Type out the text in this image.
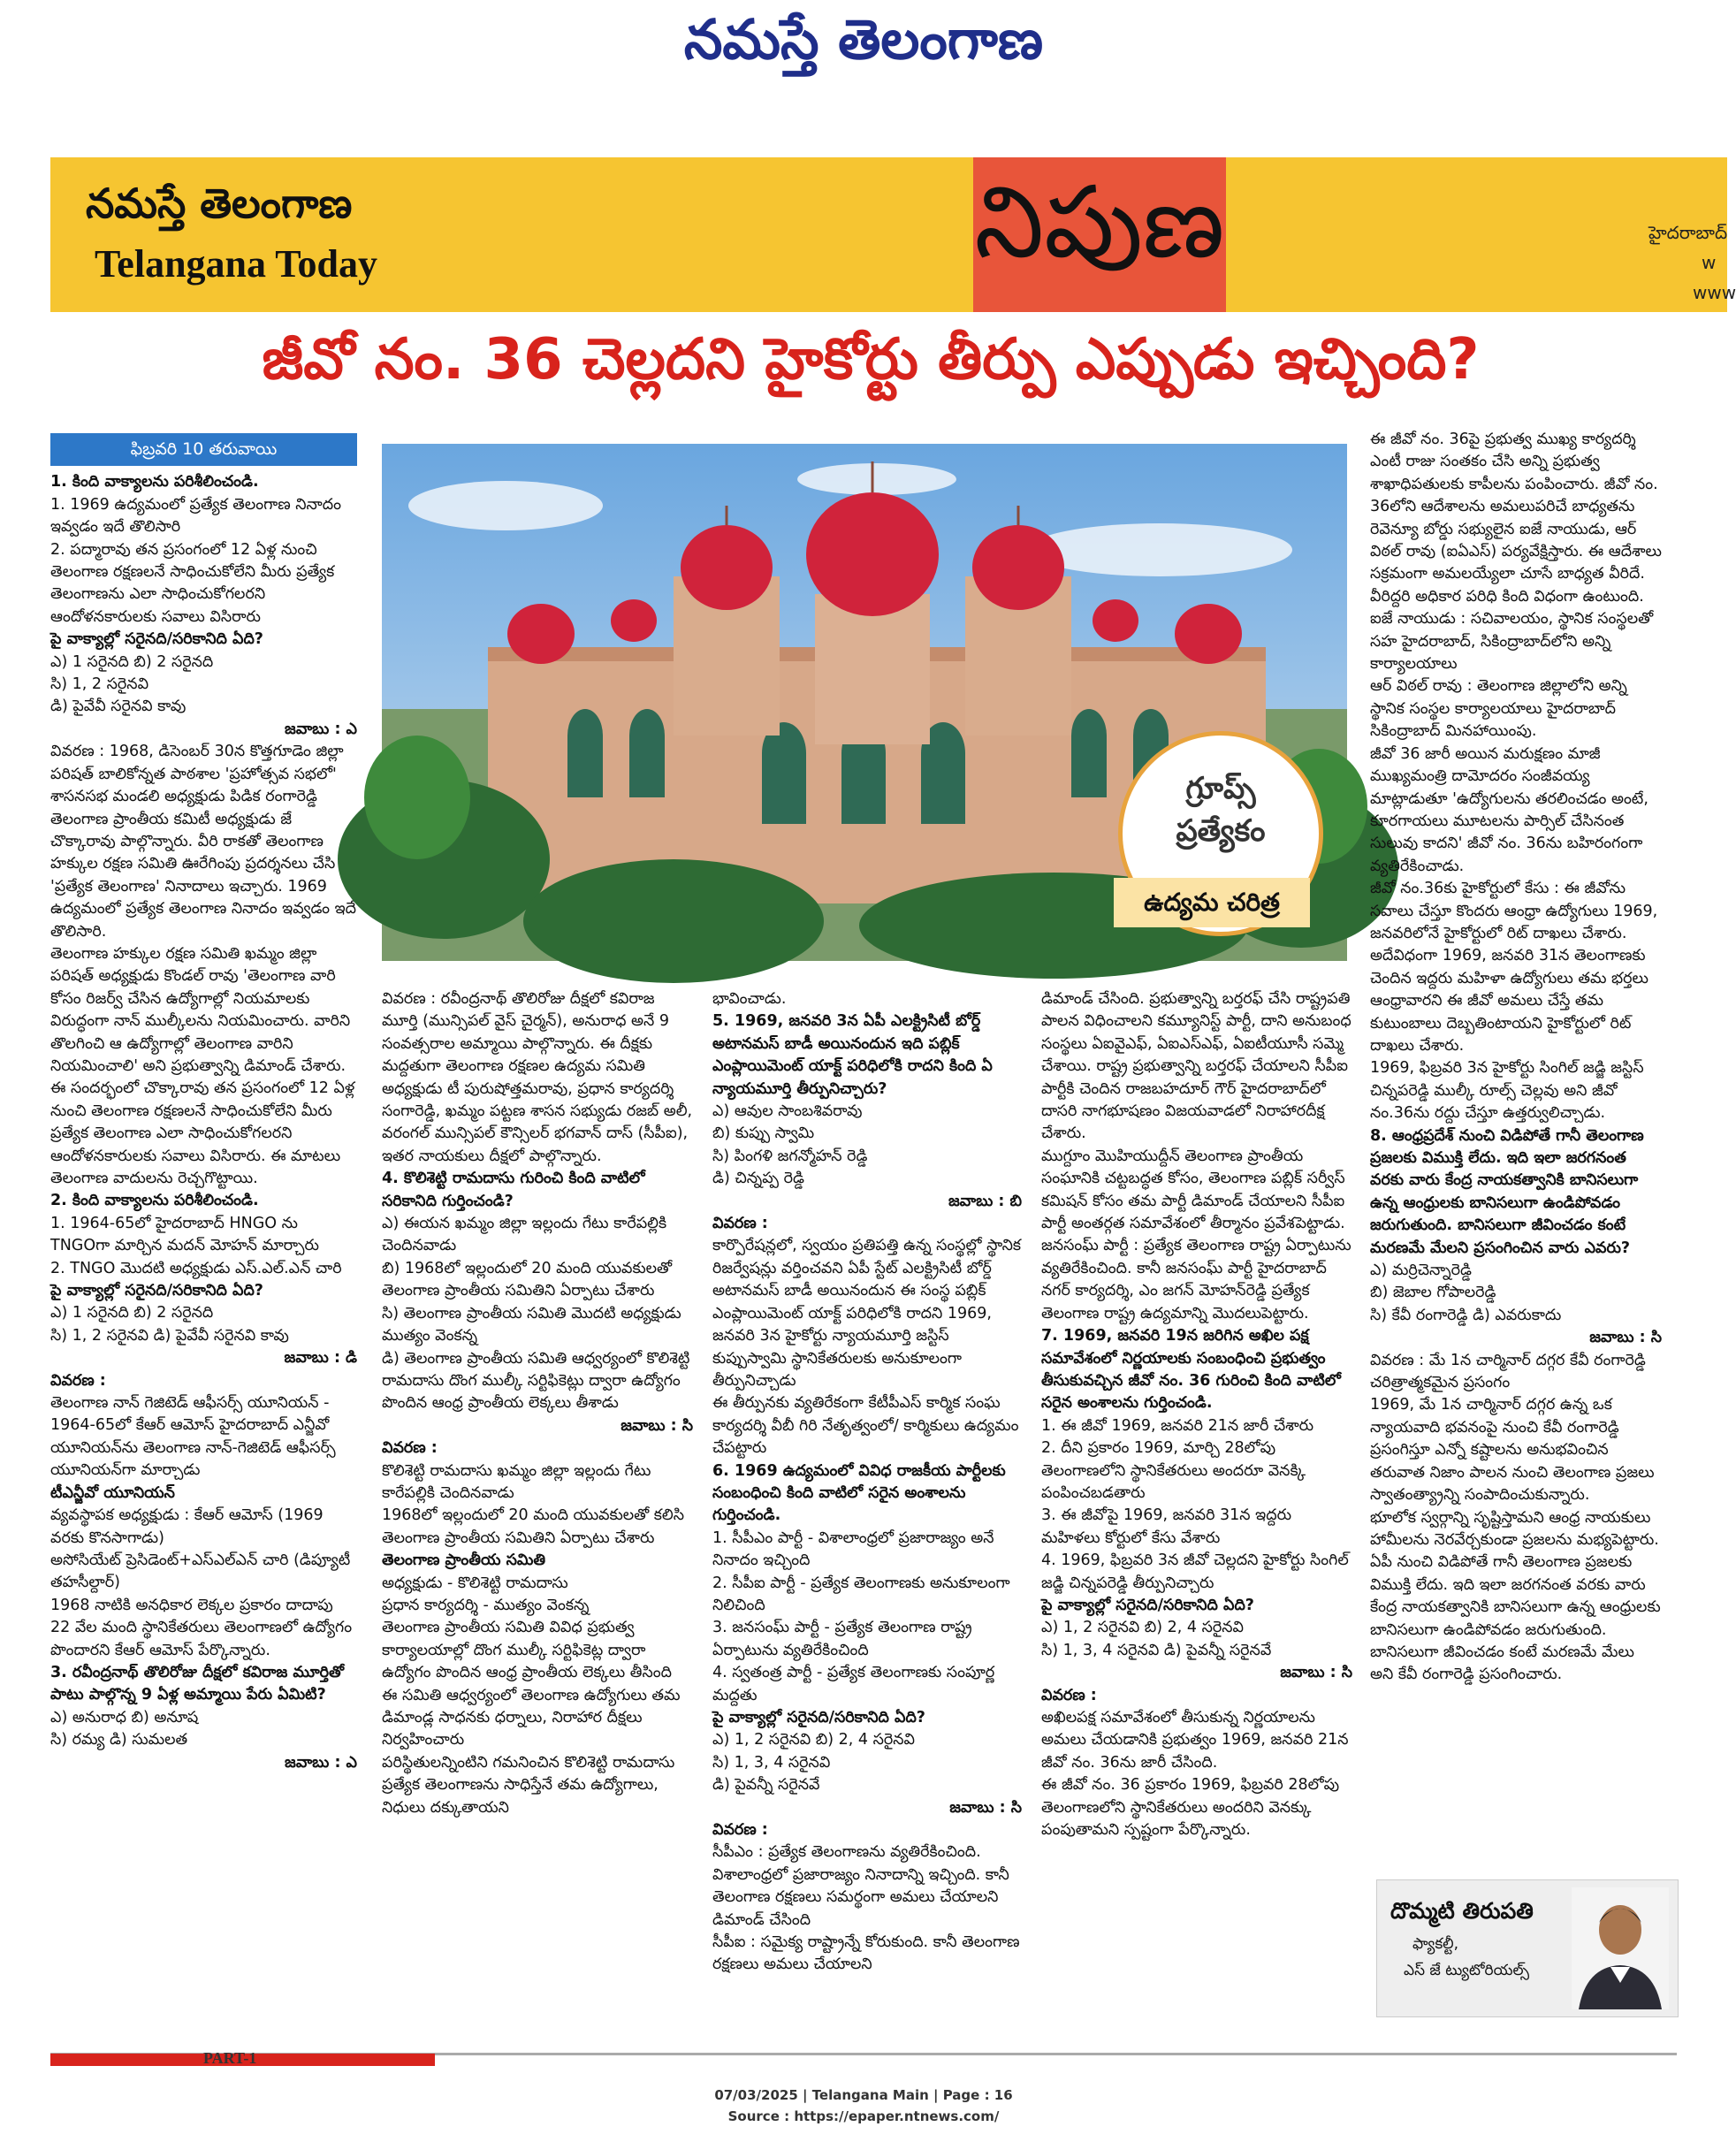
నమస్తే తెలంగాణ
నమస్తే తెలంగాణ
Telangana Today	నిపుణ	హైదరాబాద్
w
www
జీవో నం. 36 చెల్లదని హైకోర్టు తీర్పు ఎప్పుడు ఇచ్చింది?
ఫిబ్రవరి 10 తరువాయి

1. కింది వాక్యాలను పరిశీలించండి.

1. 1969 ఉద్యమంలో ప్రత్యేక తెలంగాణ నినాదం ఇవ్వడం ఇదే తొలిసారి

2. పద్మారావు తన ప్రసంగంలో 12 ఏళ్ల నుంచి తెలంగాణ రక్షణలనే సాధించుకోలేని మీరు ప్రత్యేక తెలంగాణను ఎలా సాధించుకోగలరని ఆందోళనకారులకు సవాలు విసిరారు

పై వాక్యాల్లో సరైనది/సరికానిది ఏది?

ఎ) 1 సరైనది బి) 2 సరైనది

సి) 1, 2 సరైనవి

డి) పైవేవీ సరైనవి కావు

జవాబు : ఎ

వివరణ : 1968, డిసెంబర్ 30న కొత్తగూడెం జిల్లా పరిషత్ బాలికోన్నత పాఠశాల 'ప్రహోత్సవ సభలో' శాసనసభ మండలి అధ్యక్షుడు పిడిక రంగారెడ్డి తెలంగాణ ప్రాంతీయ కమిటీ అధ్యక్షుడు జే చొక్కారావు పాల్గొన్నారు. వీరి రాకతో తెలంగాణ హక్కుల రక్షణ సమితి ఊరేగింపు ప్రదర్శనలు చేసి 'ప్రత్యేక తెలంగాణ' నినాదాలు ఇచ్చారు. 1969 ఉద్యమంలో ప్రత్యేక తెలంగాణ నినాదం ఇవ్వడం ఇదే తొలిసారి.

తెలంగాణ హక్కుల రక్షణ సమితి ఖమ్మం జిల్లా పరిషత్ అధ్యక్షుడు కొండల్ రావు 'తెలంగాణ వారి కోసం రిజర్వ్ చేసిన ఉద్యోగాల్లో నియమాలకు విరుద్ధంగా నాన్ ముల్కీలను నియమించారు. వారిని తొలగించి ఆ ఉద్యోగాల్లో తెలంగాణ వారిని నియమించాలి' అని ప్రభుత్వాన్ని డిమాండ్ చేశారు.

ఈ సందర్భంలో చొక్కారావు తన ప్రసంగంలో 12 ఏళ్ల నుంచి తెలంగాణ రక్షణలనే సాధించుకోలేని మీరు ప్రత్యేక తెలంగాణ ఎలా సాధించుకోగలరని ఆందోళనకారులకు సవాలు విసిరారు. ఈ మాటలు తెలంగాణ వాదులను రెచ్చగొట్టాయి.

2. కింది వాక్యాలను పరిశీలించండి.

1. 1964-65లో హైదరాబాద్ HNGO ను TNGOగా మార్చిన మదన్ మోహన్ మార్చారు

2. TNGO మొదటి అధ్యక్షుడు ఎస్.ఎల్.ఎన్ చారి

పై వాక్యాల్లో సరైనది/సరికానిది ఏది?

ఎ) 1 సరైనది బి) 2 సరైనది

సి) 1, 2 సరైనవి డి) పైవేవీ సరైనవి కావు

జవాబు : డి

వివరణ :

తెలంగాణ నాన్ గెజిటెడ్ ఆఫీసర్స్ యూనియన్ - 1964-65లో కేఆర్ ఆమోస్ హైదరాబాద్ ఎన్జీవో

యూనియన్‌ను తెలంగాణ నాన్-గెజిటెడ్ ఆఫీసర్స్ యూనియన్‌గా మార్చాడు

టీఎన్జీవో యూనియన్

వ్యవస్థాపక అధ్యక్షుడు : కేఆర్ ఆమోస్ (1969 వరకు కొనసాగాడు)

అసోసియేట్ ప్రెసిడెంట్+ఎస్‌ఎల్‌ఎన్ చారి (డిప్యూటీ తహసీల్దార్)

1968 నాటికి అనధికార లెక్కల ప్రకారం దాదాపు 22 వేల మంది స్థానికేతరులు తెలంగాణలో ఉద్యోగం పొందారని కేఆర్ ఆమోస్ పేర్కొన్నారు.

3. రవీంద్రనాథ్ తొలిరోజు దీక్షలో కవిరాజ మూర్తితో పాటు పాల్గొన్న 9 ఏళ్ల అమ్మాయి పేరు ఏమిటి?

ఎ) అనురాధ బి) అనూష

సి) రమ్య డి) సుమలత

జవాబు : ఎ

గ్రూప్స్
ప్రత్యేకం
ఉద్యమ చరిత్ర

వివరణ : రవీంద్రనాథ్ తొలిరోజు దీక్షలో కవిరాజ మూర్తి (మున్సిపల్ వైస్ చైర్మన్), అనురాధ అనే 9 సంవత్సరాల అమ్మాయి పాల్గొన్నారు. ఈ దీక్షకు మద్దతుగా తెలంగాణ రక్షణల ఉద్యమ సమితి అధ్యక్షుడు టీ పురుషోత్తమరావు, ప్రధాన కార్యదర్శి సంగారెడ్డి, ఖమ్మం పట్టణ శాసన సభ్యుడు రజబ్ అలీ, వరంగల్ మున్సిపల్ కౌన్సిలర్ భగవాన్ దాస్ (సీపీఐ), ఇతర నాయకులు దీక్షలో పాల్గొన్నారు.

4. కొలిశెట్టి రామదాసు గురించి కింది వాటిలో సరికానిది గుర్తించండి?

ఎ) ఈయన ఖమ్మం జిల్లా ఇల్లందు గేటు కారేపల్లికి చెందినవాడు

బి) 1968లో ఇల్లందులో 20 మంది యువకులతో తెలంగాణ ప్రాంతీయ సమితిని ఏర్పాటు చేశారు

సి) తెలంగాణ ప్రాంతీయ సమితి మొదటి అధ్యక్షుడు ముత్యం వెంకన్న

డి) తెలంగాణ ప్రాంతీయ సమితి ఆధ్వర్యంలో కొలిశెట్టి రామదాసు దొంగ ముల్కీ సర్టిఫికెట్లు ద్వారా ఉద్యోగం పొందిన ఆంధ్ర ప్రాంతీయ లెక్కలు తీశాడు

జవాబు : సి

వివరణ :

కొలిశెట్టి రామదాసు ఖమ్మం జిల్లా ఇల్లందు గేటు కారేపల్లికి చెందినవాడు

1968లో ఇల్లందులో 20 మంది యువకులతో కలిసి తెలంగాణ ప్రాంతీయ సమితిని ఏర్పాటు చేశారు

తెలంగాణ ప్రాంతీయ సమితి

అధ్యక్షుడు - కొలిశెట్టి రామదాసు

ప్రధాన కార్యదర్శి - ముత్యం వెంకన్న

తెలంగాణ ప్రాంతీయ సమితి వివిధ ప్రభుత్వ కార్యాలయాల్లో దొంగ ముల్కీ సర్టిఫికెట్ల ద్వారా ఉద్యోగం పొందిన ఆంధ్ర ప్రాంతీయ లెక్కలు తీసింది

ఈ సమితి ఆధ్వర్యంలో తెలంగాణ ఉద్యోగులు తమ డిమాండ్ల సాధనకు ధర్నాలు, నిరాహార దీక్షలు నిర్వహించారు

పరిస్థితులన్నింటిని గమనించిన కొలిశెట్టి రామదాసు ప్రత్యేక తెలంగాణను సాధిస్తేనే తమ ఉద్యోగాలు, నిధులు దక్కుతాయని

భావించాడు.

5. 1969, జనవరి 3న ఏపీ ఎలక్ట్రిసిటీ బోర్డ్ అటానమస్ బాడీ అయినందున ఇది పబ్లిక్ ఎంప్లాయిమెంట్ యాక్ట్ పరిధిలోకి రాదని కింది ఏ న్యాయమూర్తి తీర్పునిచ్చారు?

ఎ) ఆవుల సాంబశివరావు

బి) కుప్పు స్వామి

సి) పింగళి జగన్మోహన్ రెడ్డి

డి) చిన్నప్ప రెడ్డి

జవాబు : బి

వివరణ :

కార్పొరేషన్లలో, స్వయం ప్రతిపత్తి ఉన్న సంస్థల్లో స్థానిక రిజర్వేషన్లు వర్తించవని ఏపీ స్టేట్ ఎలక్ట్రిసిటీ బోర్డ్ అటానమస్ బాడీ అయినందున ఈ సంస్థ పబ్లిక్ ఎంప్లాయిమెంట్ యాక్ట్ పరిధిలోకి రాదని 1969, జనవరి 3న హైకోర్టు న్యాయమూర్తి జస్టిస్ కుప్పుస్వామి స్థానికేతరులకు అనుకూలంగా తీర్పునిచ్చాడు

ఈ తీర్పునకు వ్యతిరేకంగా కేటీపీఎస్ కార్మిక సంఘ కార్యదర్శి వీబీ గిరి నేతృత్వంలో/ కార్మికులు ఉద్యమం చేపట్టారు

6. 1969 ఉద్యమంలో వివిధ రాజకీయ పార్టీలకు సంబంధించి కింది వాటిలో సరైన అంశాలను గుర్తించండి.

1. సీపీఎం పార్టీ - విశాలాంధ్రలో ప్రజారాజ్యం అనే నినాదం ఇచ్చింది

2. సీపీఐ పార్టీ - ప్రత్యేక తెలంగాణకు అనుకూలంగా నిలిచింది

3. జనసంఘ్ పార్టీ - ప్రత్యేక తెలంగాణ రాష్ట్ర ఏర్పాటును వ్యతిరేకించింది

4. స్వతంత్ర పార్టీ - ప్రత్యేక తెలంగాణకు సంపూర్ణ మద్దతు

పై వాక్యాల్లో సరైనది/సరికానిది ఏది?

ఎ) 1, 2 సరైనవి బి) 2, 4 సరైనవి

సి) 1, 3, 4 సరైనవి

డి) పైవన్నీ సరైనవే

జవాబు : సి

వివరణ :

సీపీఎం : ప్రత్యేక తెలంగాణను వ్యతిరేకించింది. విశాలాంధ్రలో ప్రజారాజ్యం నినాదాన్ని ఇచ్చింది. కానీ తెలంగాణ రక్షణలు సమర్థంగా అమలు చేయాలని డిమాండ్ చేసింది

సీపీఐ : సమైక్య రాష్ట్రాన్నే కోరుకుంది. కానీ తెలంగాణ రక్షణలు అమలు చేయాలని

డిమాండ్ చేసింది. ప్రభుత్వాన్ని బర్తరఫ్ చేసి రాష్ట్రపతి పాలన విధించాలని కమ్యూనిస్ట్ పార్టీ, దాని అనుబంధ సంస్థలు ఏఐవైఎఫ్, ఏఐఎస్ఎఫ్, ఏఐటీయూసీ సమ్మె చేశాయి. రాష్ట్ర ప్రభుత్వాన్ని బర్తరఫ్ చేయాలని సీపీఐ పార్టీకి చెందిన రాజబహదూర్ గౌర్ హైదరాబాద్‌లో దాసరి నాగభూషణం విజయవాడలో నిరాహారదీక్ష చేశారు.

ముగ్దూం మొహియుద్దీన్ తెలంగాణ ప్రాంతీయ సంఘానికి చట్టబద్ధత కోసం, తెలంగాణ పబ్లిక్ సర్వీస్ కమిషన్ కోసం తమ పార్టీ డిమాండ్ చేయాలని సీపీఐ పార్టీ అంతర్గత సమావేశంలో తీర్మానం ప్రవేశపెట్టాడు.

జనసంఘ్ పార్టీ : ప్రత్యేక తెలంగాణ రాష్ట్ర ఏర్పాటును వ్యతిరేకించింది. కానీ జనసంఘ్ పార్టీ హైదరాబాద్ నగర్ కార్యదర్శి, ఎం జగన్ మోహన్‌రెడ్డి ప్రత్యేక తెలంగాణ రాష్ట్ర ఉద్యమాన్ని మొదలుపెట్టారు.

7. 1969, జనవరి 19న జరిగిన అఖిల పక్ష సమావేశంలో నిర్ణయాలకు సంబంధించి ప్రభుత్వం తీసుకువచ్చిన జీవో నం. 36 గురించి కింది వాటిలో సరైన అంశాలను గుర్తించండి.

1. ఈ జీవో 1969, జనవరి 21న జారీ చేశారు

2. దీని ప్రకారం 1969, మార్చి 28లోపు తెలంగాణలోని స్థానికేతరులు అందరూ వెనక్కి పంపించబడతారు

3. ఈ జీవోపై 1969, జనవరి 31న ఇద్దరు మహిళలు కోర్టులో కేసు వేశారు

4. 1969, ఫిబ్రవరి 3న జీవో చెల్లదని హైకోర్టు సింగిల్ జడ్జి చిన్నపరెడ్డి తీర్పునిచ్చారు

పై వాక్యాల్లో సరైనది/సరికానిది ఏది?

ఎ) 1, 2 సరైనవి బి) 2, 4 సరైనవి

సి) 1, 3, 4 సరైనవి డి) పైవన్నీ సరైనవే

జవాబు : సి

వివరణ :

అఖిలపక్ష సమావేశంలో తీసుకున్న నిర్ణయాలను అమలు చేయడానికి ప్రభుత్వం 1969, జనవరి 21న జీవో నం. 36ను జారీ చేసింది.

ఈ జీవో నం. 36 ప్రకారం 1969, ఫిబ్రవరి 28లోపు తెలంగాణలోని స్థానికేతరులు అందరిని వెనక్కు పంపుతామని స్పష్టంగా పేర్కొన్నారు.

ఈ జీవో నం. 36పై ప్రభుత్వ ముఖ్య కార్యదర్శి ఎంటీ రాజు సంతకం చేసి అన్ని ప్రభుత్వ శాఖాధిపతులకు కాపీలను పంపించారు. జీవో నం. 36లోని ఆదేశాలను అమలుపరిచే బాధ్యతను రెవెన్యూ బోర్డు సభ్యులైన ఐజే నాయుడు, ఆర్ విఠల్ రావు (ఐఏఎస్) పర్యవేక్షిస్తారు. ఈ ఆదేశాలు సక్రమంగా అమలయ్యేలా చూసే బాధ్యత వీరిదే. వీరిద్దరి అధికార పరిధి కింది విధంగా ఉంటుంది.

ఐజే నాయుడు : సచివాలయం, స్థానిక సంస్థలతో సహ హైదరాబాద్, సికింద్రాబాద్‌లోని అన్ని కార్యాలయాలు

ఆర్ విఠల్ రావు : తెలంగాణ జిల్లాలోని అన్ని స్థానిక సంస్థల కార్యాలయాలు హైదరాబాద్ సికింద్రాబాద్ మినహాయింపు.

జీవో 36 జారీ అయిన మరుక్షణం మాజీ ముఖ్యమంత్రి దామోదరం సంజీవయ్య మాట్లాడుతూ 'ఉద్యోగులను తరలించడం అంటే, కూరగాయలు మూటలను పార్సిల్ చేసినంత సులువు కాదని' జీవో నం. 36ను బహిరంగంగా వ్యతిరేకించాడు.

జీవో నం.36కు హైకోర్టులో కేసు : ఈ జీవోను సవాలు చేస్తూ కొందరు ఆంధ్రా ఉద్యోగులు 1969, జనవరిలోనే హైకోర్టులో రిట్ దాఖలు చేశారు.

అదేవిధంగా 1969, జనవరి 31న తెలంగాణకు చెందిన ఇద్దరు మహిళా ఉద్యోగులు తమ భర్తలు ఆంధ్రావారని ఈ జీవో అమలు చేస్తే తమ కుటుంబాలు దెబ్బతింటాయని హైకోర్టులో రిట్ దాఖలు చేశారు.

1969, ఫిబ్రవరి 3న హైకోర్టు సింగిల్ జడ్జి జస్టిస్ చిన్నపరెడ్డి ముల్కీ రూల్స్ చెల్లవు అని జీవో నం.36ను రద్దు చేస్తూ ఉత్తర్వులిచ్చాడు.

8. ఆంధ్రప్రదేశ్ నుంచి విడిపోతే గానీ తెలంగాణ ప్రజలకు విముక్తి లేదు. ఇది ఇలా జరగనంత వరకు వారు కేంద్ర నాయకత్వానికి బానిసలుగా ఉన్న ఆంధ్రులకు బానిసలుగా ఉండిపోవడం జరుగుతుంది. బానిసలుగా జీవించడం కంటే మరణమే మేలని ప్రసంగించిన వారు ఎవరు?

ఎ) మర్రిచెన్నారెడ్డి

బి) జెబాల గోపాలరెడ్డి

సి) కేవీ రంగారెడ్డి డి) ఎవరుకాదు

జవాబు : సి

వివరణ : మే 1న చార్మినార్ దగ్గర కేవీ రంగారెడ్డి చరిత్రాత్మకమైన ప్రసంగం

1969, మే 1న చార్మినార్ దగ్గర ఉన్న ఒక న్యాయవాది భవనంపై నుంచి కేవీ రంగారెడ్డి ప్రసంగిస్తూ ఎన్నో కష్టాలను అనుభవించిన తరువాత నిజాం పాలన నుంచి తెలంగాణ ప్రజలు స్వాతంత్య్రాన్ని సంపాదించుకున్నారు.

భూలోక స్వర్గాన్ని సృష్టిస్తామని ఆంధ్ర నాయకులు హామీలను నెరవేర్చకుండా ప్రజలను మభ్యపెట్టారు. ఏపీ నుంచి విడిపోతే గానీ తెలంగాణ ప్రజలకు విముక్తి లేదు. ఇది ఇలా జరగనంత వరకు వారు కేంద్ర నాయకత్వానికి బానిసలుగా ఉన్న ఆంధ్రులకు బానిసలుగా ఉండిపోవడం జరుగుతుంది. బానిసలుగా జీవించడం కంటే మరణమే మేలు అని కేవీ రంగారెడ్డి ప్రసంగించారు.

దొమ్మటి తిరుపతి
ఫ్యాకల్టీ,
ఎస్ జే ట్యుటోరియల్స్
PART-1
07/03/2025 | Telangana Main | Page : 16
Source : https://epaper.ntnews.com/
